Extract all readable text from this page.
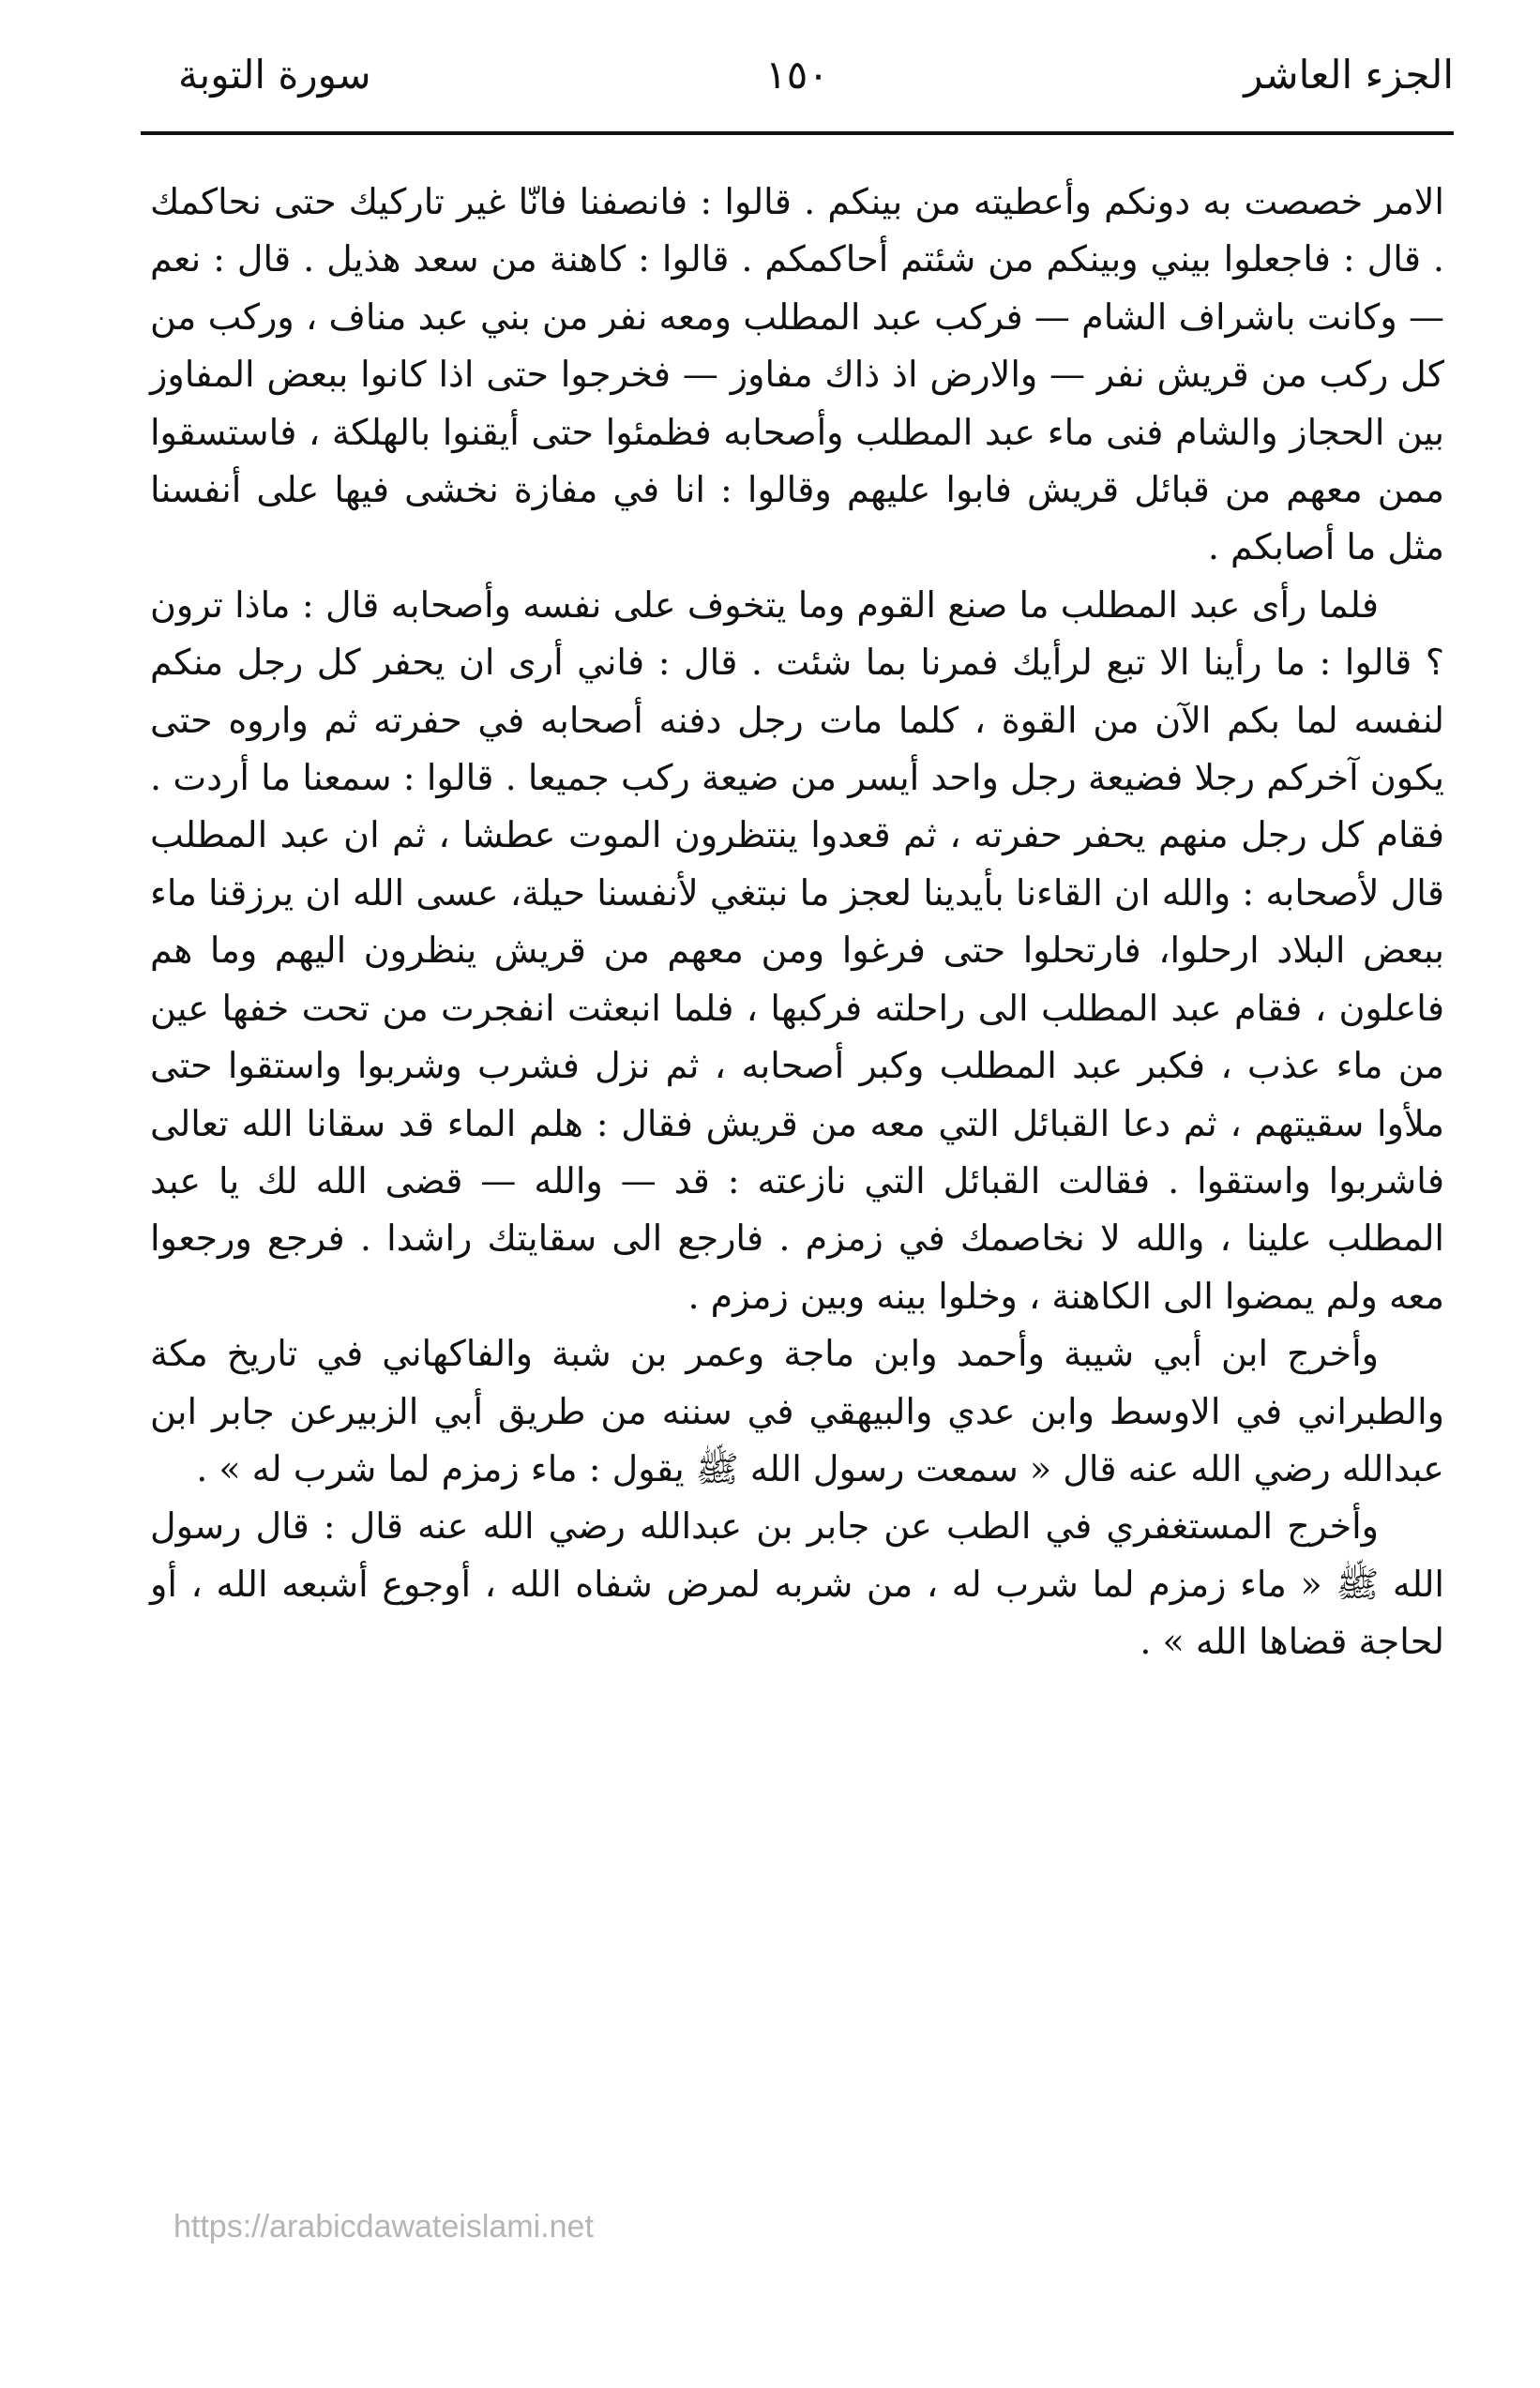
الجزء العاشر
١٥٠
سورة التوبة

الامر خصصت به دونكم وأعطيته من بينكم . قالوا : فانصفنا فانّا غير تاركيك حتى نحاكمك . قال : فاجعلوا بيني وبينكم من شئتم أحاكمكم . قالوا : كاهنة من سعد هذيل . قال : نعم — وكانت باشراف الشام — فركب عبد المطلب ومعه نفر من بني عبد مناف ، وركب من كل ركب من قريش نفر — والارض اذ ذاك مفاوز — فخرجوا حتى اذا كانوا ببعض المفاوز بين الحجاز والشام فنى ماء عبد المطلب وأصحابه فظمئوا حتى أيقنوا بالهلكة ، فاستسقوا ممن معهم من قبائل قريش فابوا عليهم وقالوا : انا في مفازة نخشى فيها على أنفسنا مثل ما أصابكم .

فلما رأى عبد المطلب ما صنع القوم وما يتخوف على نفسه وأصحابه قال : ماذا ترون ؟ قالوا : ما رأينا الا تبع لرأيك فمرنا بما شئت . قال : فاني أرى ان يحفر كل رجل منكم لنفسه لما بكم الآن من القوة ، كلما مات رجل دفنه أصحابه في حفرته ثم واروه حتى يكون آخركم رجلا فضيعة رجل واحد أيسر من ضيعة ركب جميعا . قالوا : سمعنا ما أردت . فقام كل رجل منهم يحفر حفرته ، ثم قعدوا ينتظرون الموت عطشا ، ثم ان عبد المطلب قال لأصحابه : والله ان القاءنا بأيدينا لعجز ما نبتغي لأنفسنا حيلة، عسى الله ان يرزقنا ماء ببعض البلاد ارحلوا، فارتحلوا حتى فرغوا ومن معهم من قريش ينظرون اليهم وما هم فاعلون ، فقام عبد المطلب الى راحلته فركبها ، فلما انبعثت انفجرت من تحت خفها عين من ماء عذب ، فكبر عبد المطلب وكبر أصحابه ، ثم نزل فشرب وشربوا واستقوا حتى ملأوا سقيتهم ، ثم دعا القبائل التي معه من قريش فقال : هلم الماء قد سقانا الله تعالى فاشربوا واستقوا . فقالت القبائل التي نازعته : قد — والله — قضى الله لك يا عبد المطلب علينا ، والله لا نخاصمك في زمزم . فارجع الى سقايتك راشدا . فرجع ورجعوا معه ولم يمضوا الى الكاهنة ، وخلوا بينه وبين زمزم .

وأخرج ابن أبي شيبة وأحمد وابن ماجة وعمر بن شبة والفاكهاني في تاريخ مكة والطبراني في الاوسط وابن عدي والبيهقي في سننه من طريق أبي الزبيرعن جابر ابن عبدالله رضي الله عنه قال « سمعت رسول الله ﷺ يقول : ماء زمزم لما شرب له » .

وأخرج المستغفري في الطب عن جابر بن عبدالله رضي الله عنه قال : قال رسول الله ﷺ « ماء زمزم لما شرب له ، من شربه لمرض شفاه الله ، أوجوع أشبعه الله ، أو لحاجة قضاها الله » .

https://arabicdawateislami.net
